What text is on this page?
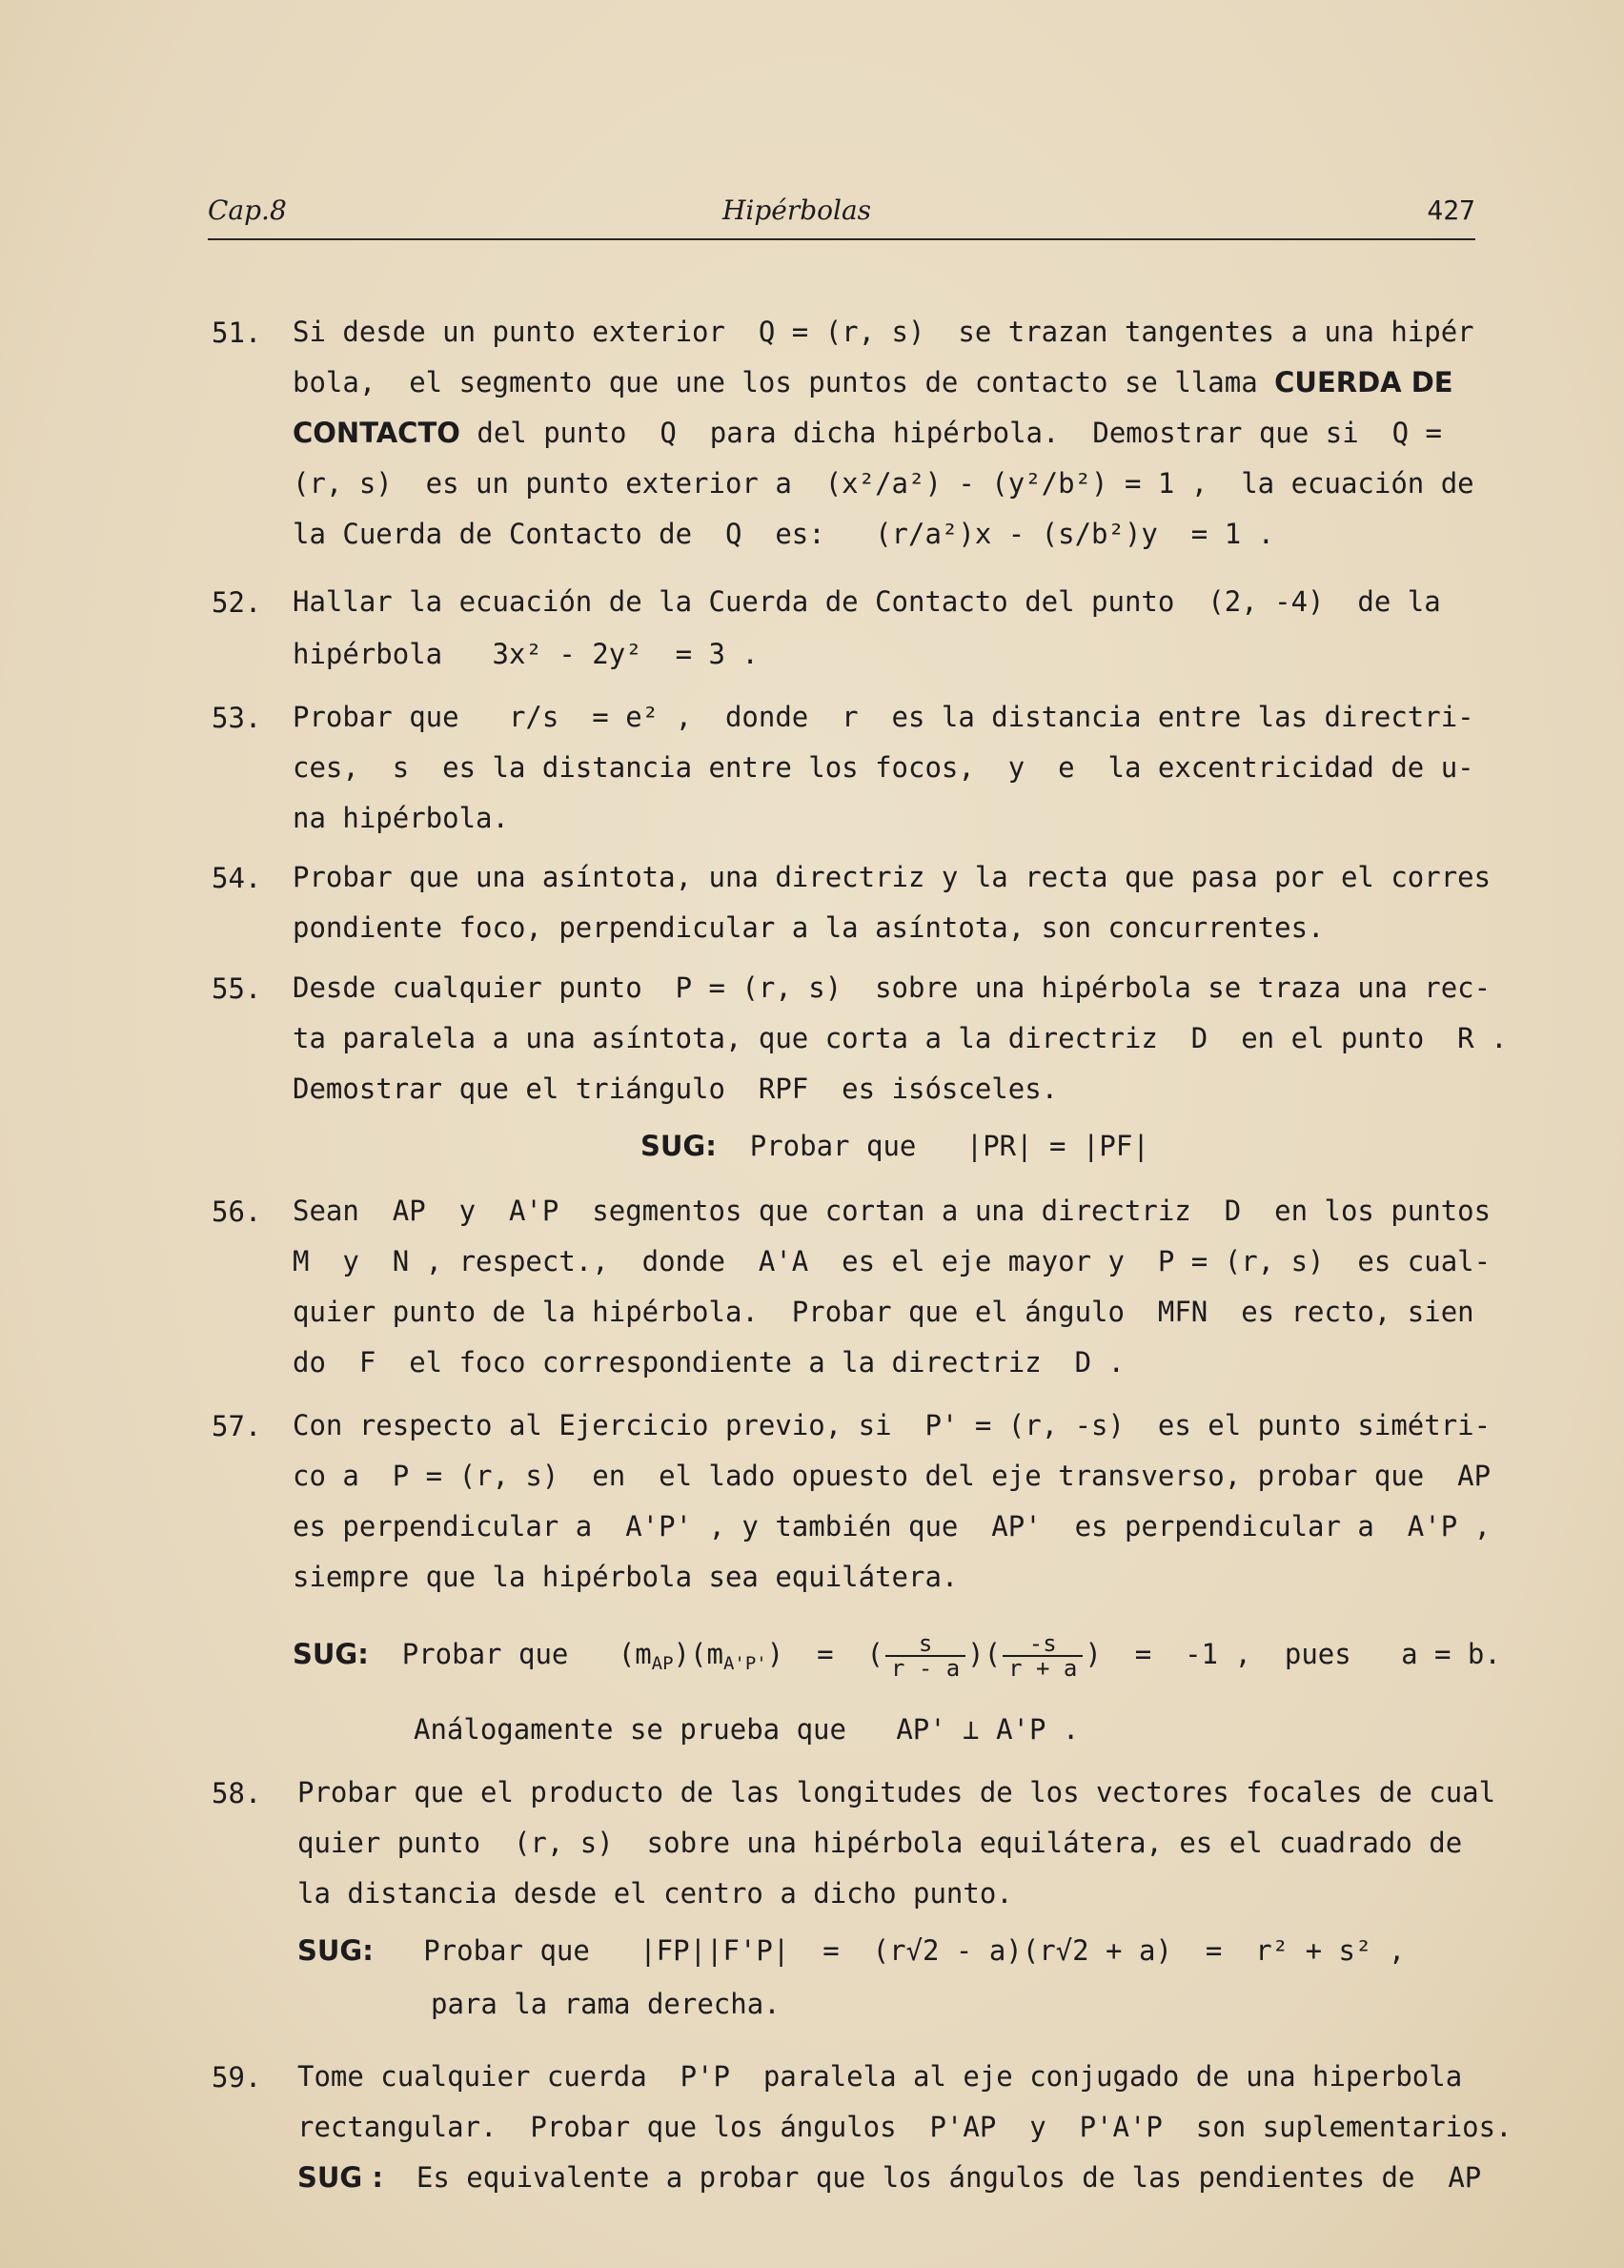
Cap.8	Hipérbolas	427
51. Si desde un punto exterior  Q = (r, s)  se trazan tangentes a una hipér
bola,  el segmento que une los puntos de contacto se llama CUERDA DE
CONTACTO del punto  Q  para dicha hipérbola.  Demostrar que si  Q =
(r, s)  es un punto exterior a  (x²/a²) - (y²/b²) = 1 ,  la ecuación de
la Cuerda de Contacto de  Q  es:   (r/a²)x - (s/b²)y  = 1 .
52. Hallar la ecuación de la Cuerda de Contacto del punto  (2, -4)  de la
hipérbola   3x² - 2y²  = 3 .
53. Probar que   r/s  = e² ,  donde  r  es la distancia entre las directri-
ces,  s  es la distancia entre los focos,  y  e  la excentricidad de u-
na hipérbola.
54. Probar que una asíntota, una directriz y la recta que pasa por el corres
pondiente foco, perpendicular a la asíntota, son concurrentes.
55. Desde cualquier punto  P = (r, s)  sobre una hipérbola se traza una rec-
ta paralela a una asíntota, que corta a la directriz  D  en el punto  R .
Demostrar que el triángulo  RPF  es isósceles.
SUG:  Probar que   |PR| = |PF|
56. Sean  AP  y  A'P  segmentos que cortan a una directriz  D  en los puntos
M  y  N , respect.,  donde  A'A  es el eje mayor y  P = (r, s)  es cual-
quier punto de la hipérbola.  Probar que el ángulo  MFN  es recto, sien
do  F  el foco correspondiente a la directriz  D .
57. Con respecto al Ejercicio previo, si  P' = (r, -s)  es el punto simétri-
co a  P = (r, s)  en  el lado opuesto del eje transverso, probar que  AP
es perpendicular a  A'P' , y también que  AP'  es perpendicular a  A'P ,
siempre que la hipérbola sea equilátera.
SUG:  Probar que   $(m_{AP})(m_{A'P'})$  =  ( $\frac{s}{r - a}$ )( $\frac{-s}{r + a}$ )  =  -1 ,  pues   a = b.
Análogamente se prueba que   AP' ⊥ A'P .
58. Probar que el producto de las longitudes de los vectores focales de cual
quier punto  (r, s)  sobre una hipérbola equilátera, es el cuadrado de
la distancia desde el centro a dicho punto.
SUG:   Probar que   |FP||F'P|  =  (r√2 - a)(r√2 + a)  =  r² + s² ,
para la rama derecha.
59. Tome cualquier cuerda  P'P  paralela al eje conjugado de una hiperbola
rectangular.  Probar que los ángulos  P'AP  y  P'A'P  son suplementarios.
SUG :  Es equivalente a probar que los ángulos de las pendientes de  AP
